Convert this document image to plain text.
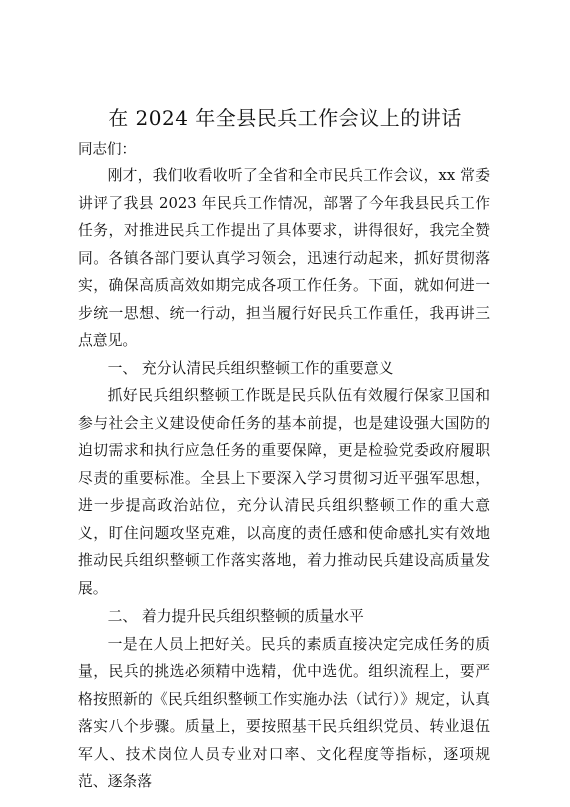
在 2024 年全县民兵工作会议上的讲话
同志们：

刚才，我们收看收听了全省和全市民兵工作会议，xx 常委讲评了我县 2023 年民兵工作情况，部署了今年我县民兵工作任务，对推进民兵工作提出了具体要求，讲得很好，我完全赞同。各镇各部门要认真学习领会，迅速行动起来，抓好贯彻落实，确保高质高效如期完成各项工作任务。下面，就如何进一步统一思想、统一行动，担当履行好民兵工作重任，我再讲三点意见。

一、 充分认清民兵组织整顿工作的重要意义

抓好民兵组织整顿工作既是民兵队伍有效履行保家卫国和参与社会主义建设使命任务的基本前提，也是建设强大国防的迫切需求和执行应急任务的重要保障，更是检验党委政府履职尽责的重要标准。全县上下要深入学习贯彻习近平强军思想，进一步提高政治站位，充分认清民兵组织整顿工作的重大意义，盯住问题攻坚克难，以高度的责任感和使命感扎实有效地推动民兵组织整顿工作落实落地，着力推动民兵建设高质量发展。

二、 着力提升民兵组织整顿的质量水平

一是在人员上把好关。民兵的素质直接决定完成任务的质量，民兵的挑选必须精中选精，优中选优。组织流程上，要严格按照新的《民兵组织整顿工作实施办法（试行）》规定，认真落实八个步骤。质量上，要按照基干民兵组织党员、转业退伍军人、技术岗位人员专业对口率、文化程度等指标，逐项规范、逐条落
